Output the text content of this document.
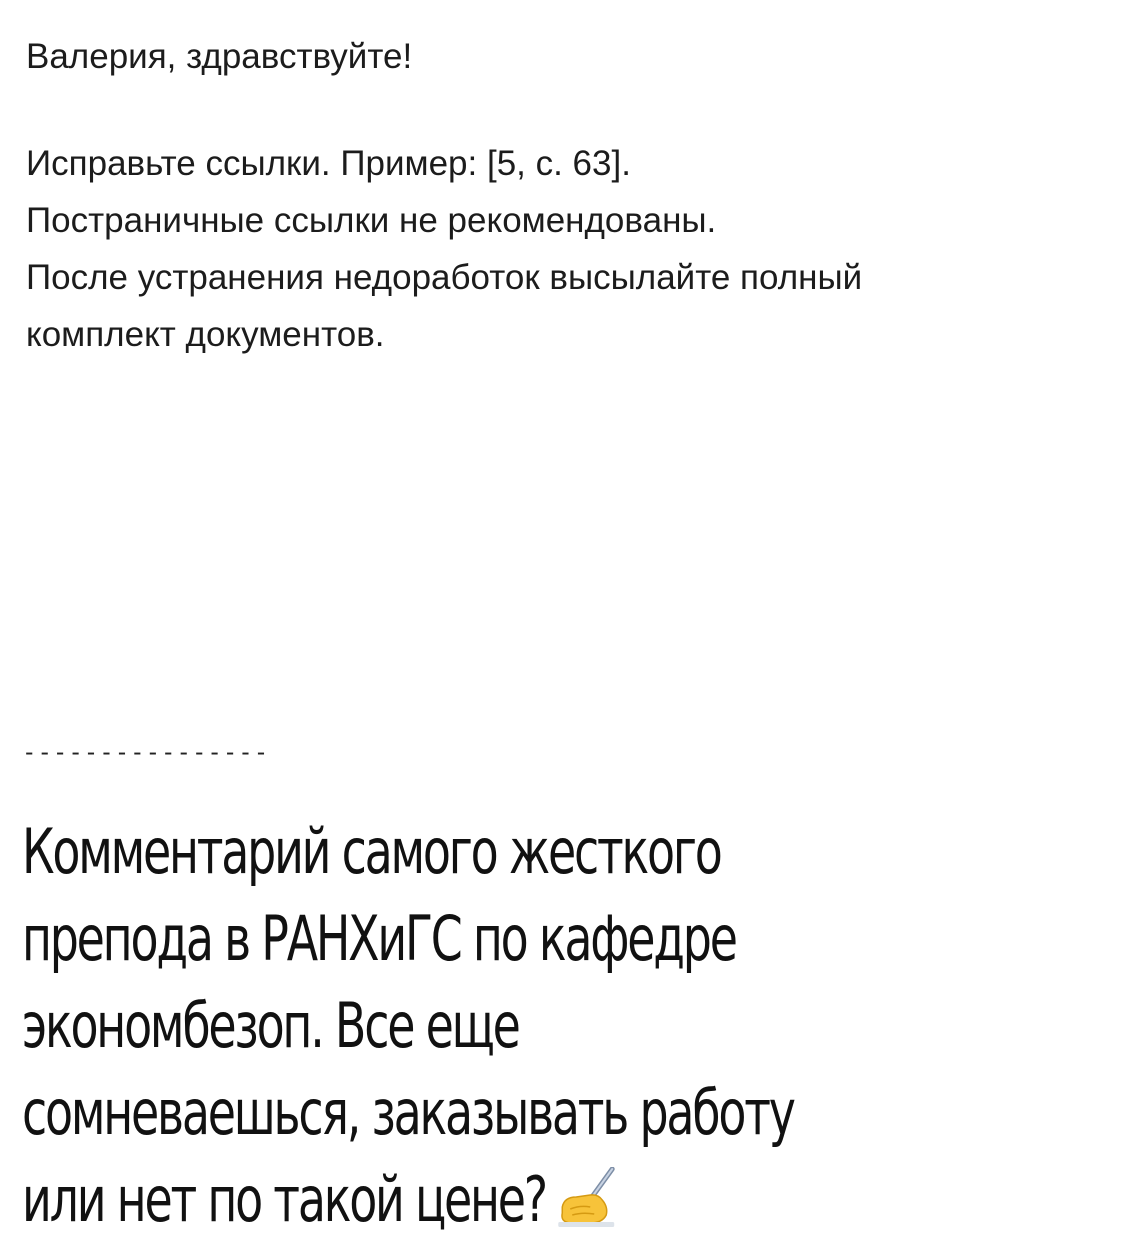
Валерия, здравствуйте!

Исправьте ссылки. Пример: [5, с. 63].

Постраничные ссылки не рекомендованы.

После устранения недоработок высылайте полный

комплект документов.

----------------

Комментарий самого жесткого

препода в РАНХиГС по кафедре

экономбезоп. Все еще

сомневаешься, заказывать работу

или нет по такой цене?
